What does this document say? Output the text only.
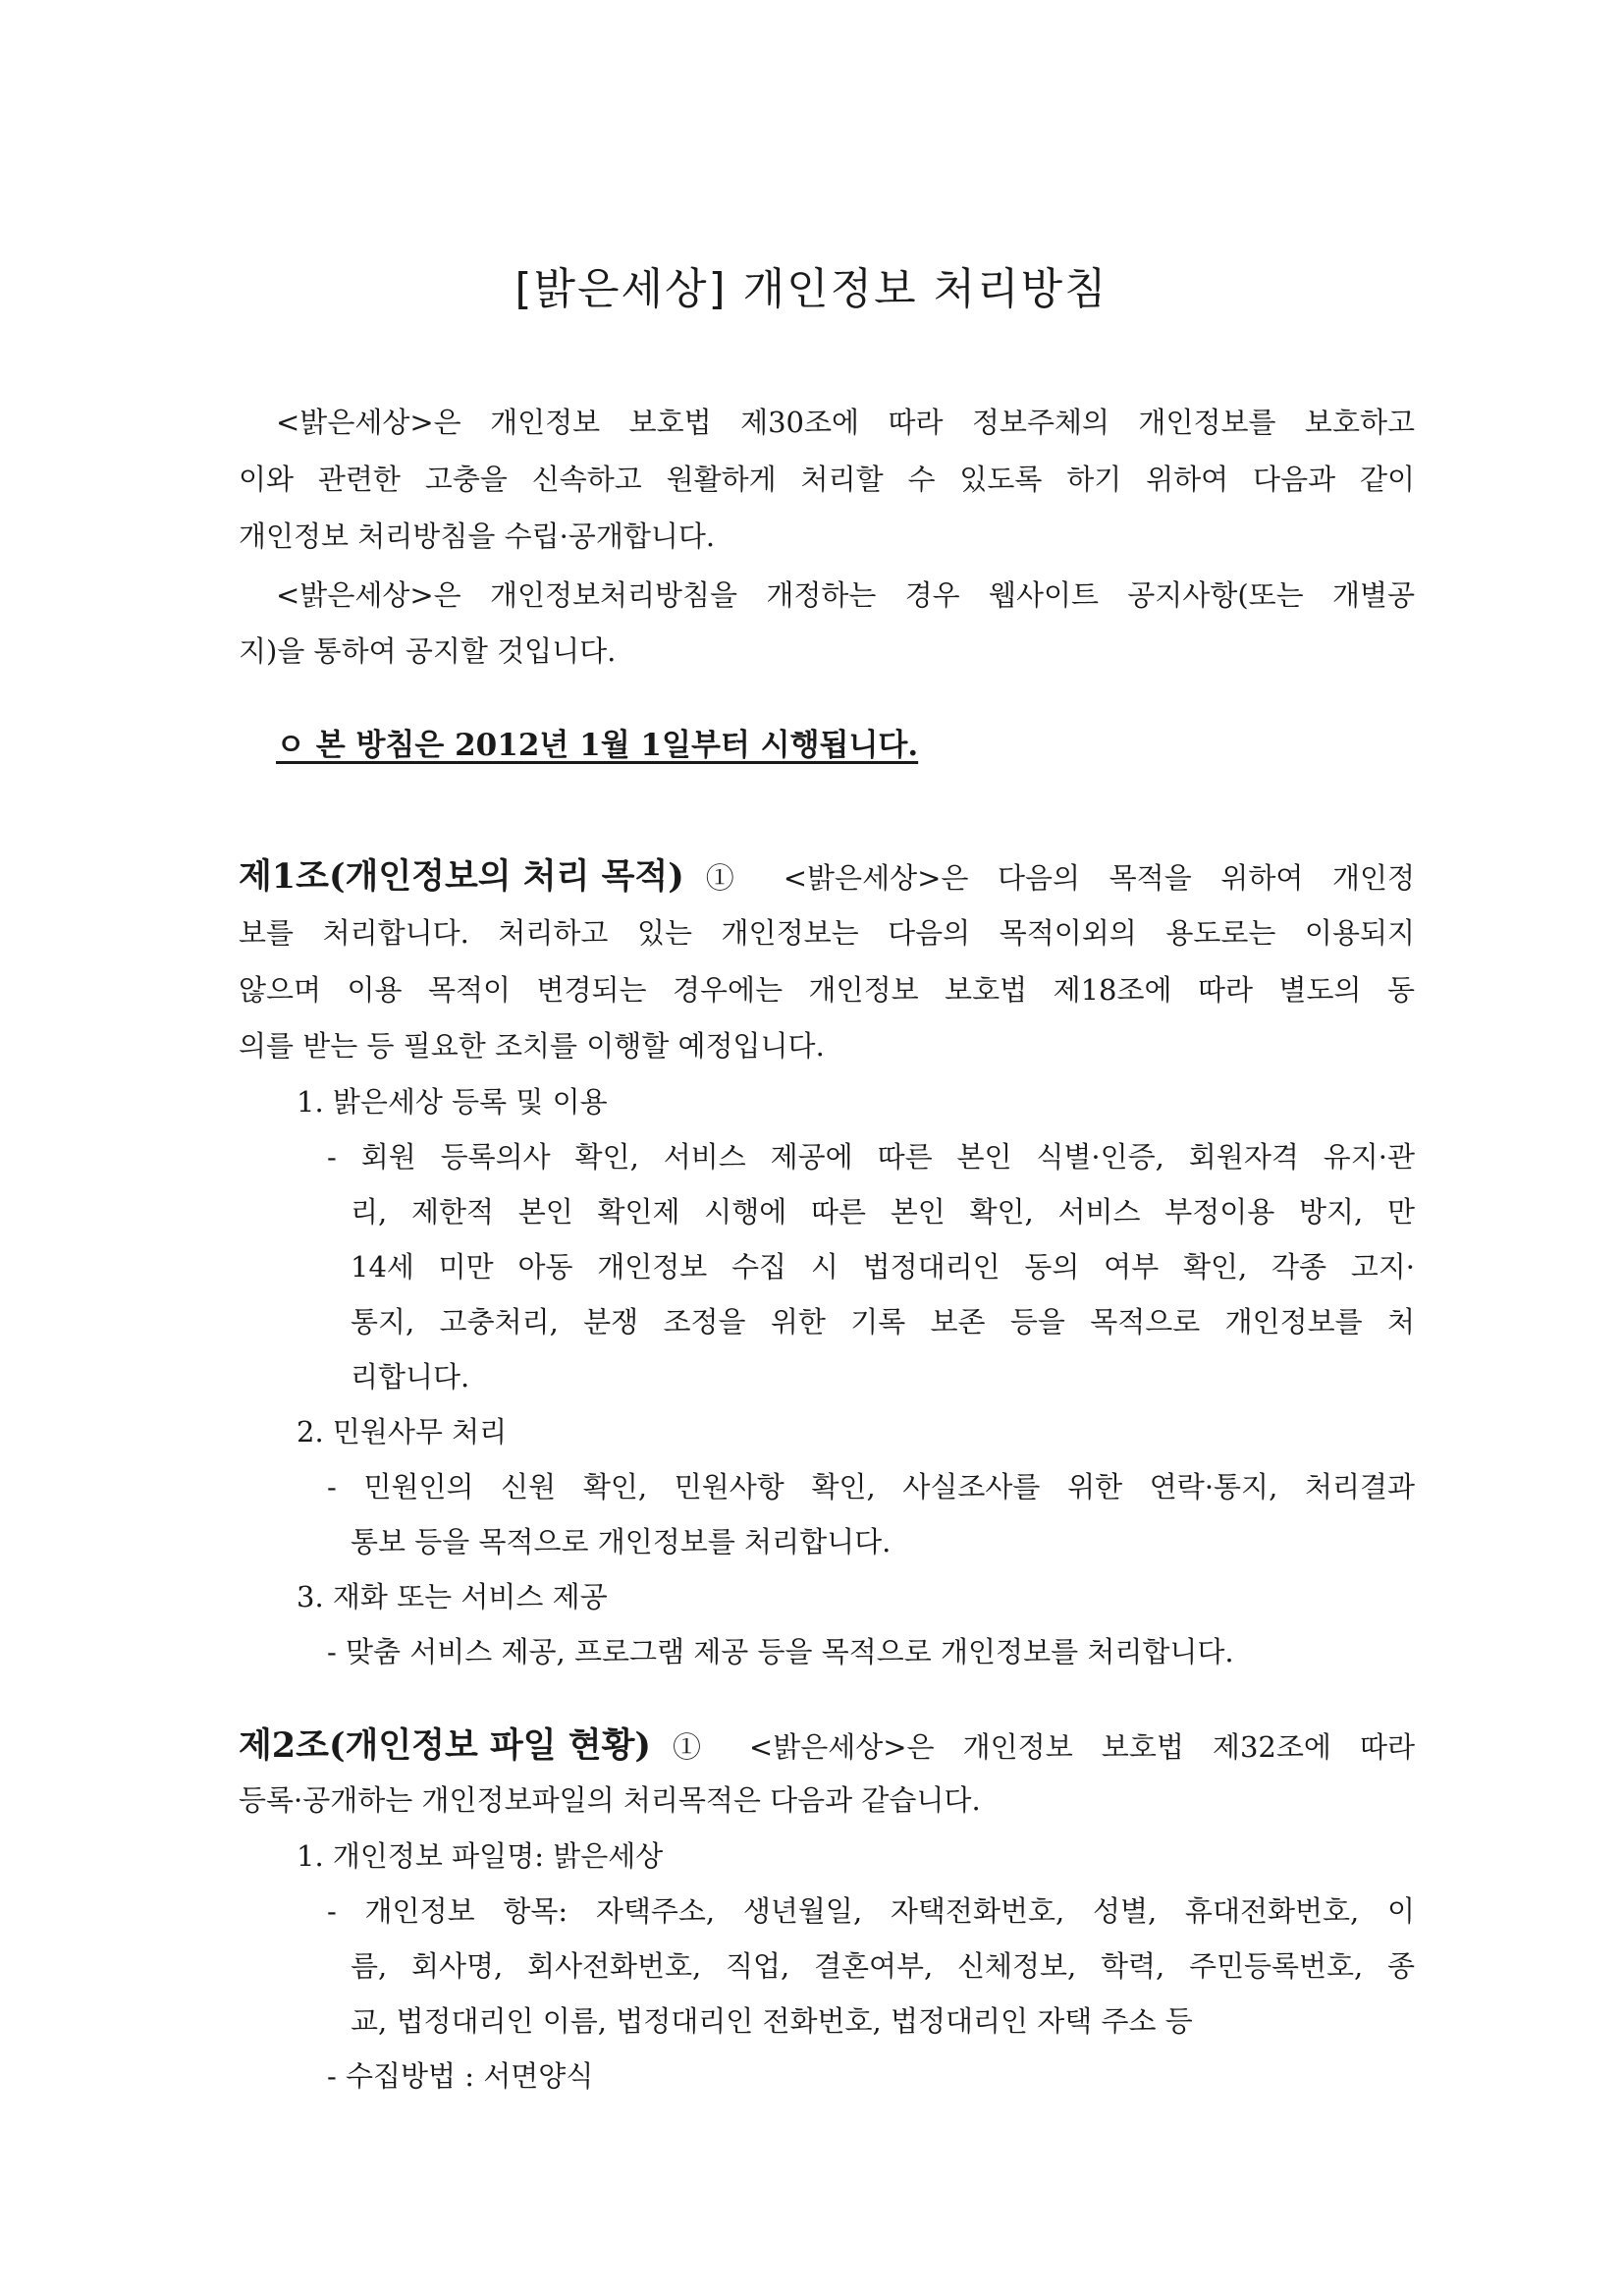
[밝은세상] 개인정보 처리방침
<밝은세상>은 개인정보 보호법 제30조에 따라 정보주체의 개인정보를 보호하고
이와 관련한 고충을 신속하고 원활하게 처리할 수 있도록 하기 위하여 다음과 같이
개인정보 처리방침을 수립·공개합니다.
<밝은세상>은 개인정보처리방침을 개정하는 경우 웹사이트 공지사항(또는 개별공
지)을 통하여 공지할 것입니다.
ㅇ 본 방침은 2012년 1월 1일부터 시행됩니다.
제1조(개인정보의 처리 목적) ① <밝은세상>은 다음의 목적을 위하여 개인정
보를 처리합니다. 처리하고 있는 개인정보는 다음의 목적이외의 용도로는 이용되지
않으며 이용 목적이 변경되는 경우에는 개인정보 보호법 제18조에 따라 별도의 동
의를 받는 등 필요한 조치를 이행할 예정입니다.
1. 밝은세상 등록 및 이용
- 회원 등록의사 확인, 서비스 제공에 따른 본인 식별·인증, 회원자격 유지·관
리, 제한적 본인 확인제 시행에 따른 본인 확인, 서비스 부정이용 방지, 만
14세 미만 아동 개인정보 수집 시 법정대리인 동의 여부 확인, 각종 고지·
통지, 고충처리, 분쟁 조정을 위한 기록 보존 등을 목적으로 개인정보를 처
리합니다.
2. 민원사무 처리
- 민원인의 신원 확인, 민원사항 확인, 사실조사를 위한 연락·통지, 처리결과
통보 등을 목적으로 개인정보를 처리합니다.
3. 재화 또는 서비스 제공
- 맞춤 서비스 제공, 프로그램 제공 등을 목적으로 개인정보를 처리합니다.
제2조(개인정보 파일 현황) ① <밝은세상>은 개인정보 보호법 제32조에 따라
등록·공개하는 개인정보파일의 처리목적은 다음과 같습니다.
1. 개인정보 파일명: 밝은세상
- 개인정보 항목: 자택주소, 생년월일, 자택전화번호, 성별, 휴대전화번호, 이
름, 회사명, 회사전화번호, 직업, 결혼여부, 신체정보, 학력, 주민등록번호, 종
교, 법정대리인 이름, 법정대리인 전화번호, 법정대리인 자택 주소 등
- 수집방법 : 서면양식
